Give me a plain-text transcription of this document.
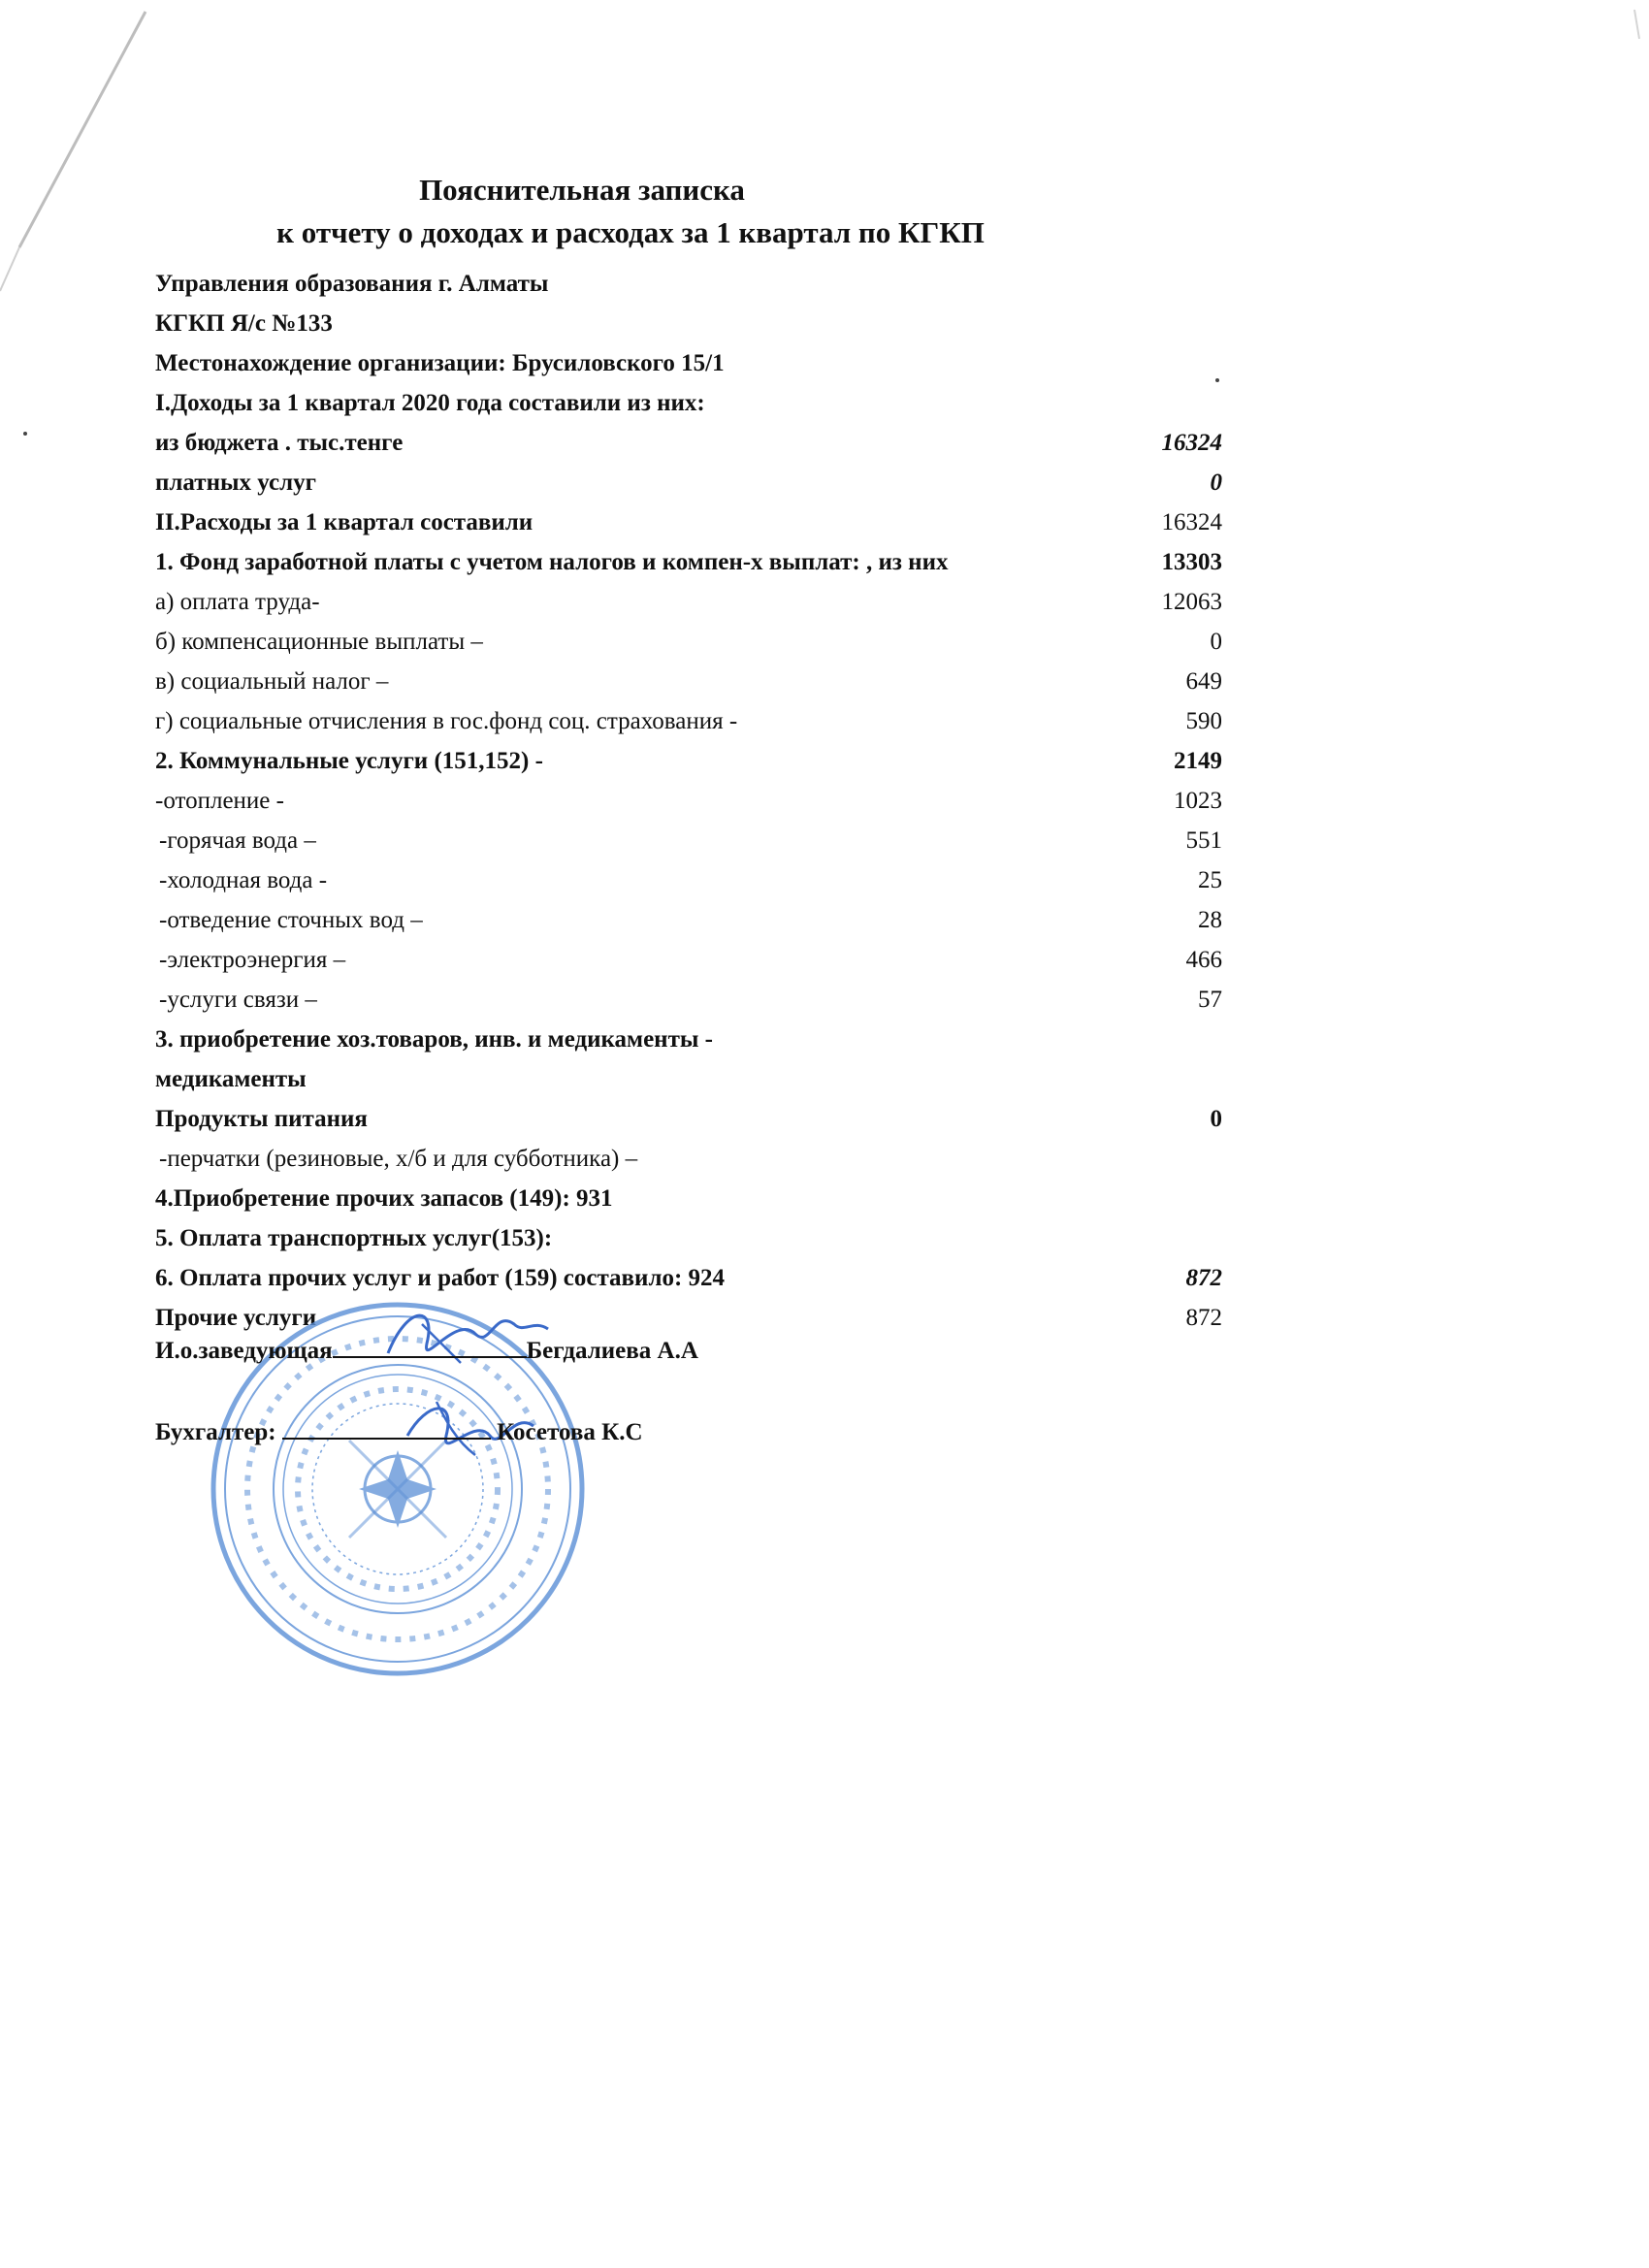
Пояснительная записка
к отчету о доходах и расходах за 1 квартал по КГКП
Управления образования г. Алматы
КГКП Я/с №133
Местонахождение организации: Брусиловского 15/1
I.Доходы за 1 квартал 2020 года составили из них:
из бюджета . тыс.тенге	16324
платных услуг	0
II.Расходы за 1 квартал составили	16324
1. Фонд заработной платы с учетом налогов и компен-х выплат: , из них	13303
а) оплата труда-	12063
б) компенсационные выплаты –	0
в) социальный налог –	649
г) социальные отчисления в гос.фонд соц. страхования -	590
2. Коммунальные услуги (151,152) -	2149
-отопление -	1023
-горячая вода –	551
-холодная вода -	25
-отведение сточных вод –	28
-электроэнергия –	466
-услуги связи –	57
3. приобретение хоз.товаров, инв. и медикаменты -
медикаменты
Продукты питания	0
-перчатки (резиновые, х/б и для субботника) –
4.Приобретение прочих запасов (149): 931
5. Оплата транспортных услуг(153):
6. Оплата прочих услуг и работ (159) составило: 924	872
Прочие услуги	872
И.о.заведующая	Бегдалиева А.А
Бухгалтер:	Косетова К.С
